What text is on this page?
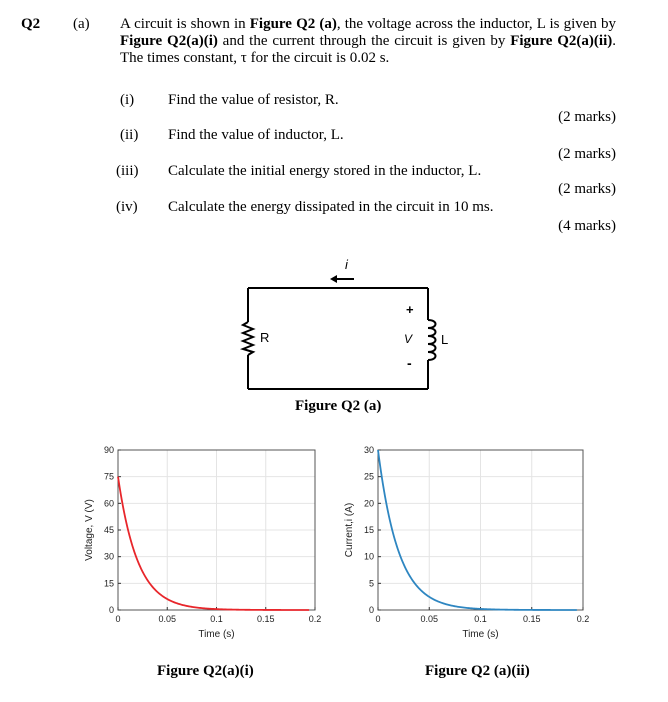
Q2 (a) A circuit is shown in Figure Q2 (a), the voltage across the inductor, L is given by Figure Q2(a)(i) and the current through the circuit is given by Figure Q2(a)(ii). The times constant, τ for the circuit is 0.02 s.
(i) Find the value of resistor, R.
(2 marks)
(ii) Find the value of inductor, L.
(2 marks)
(iii) Calculate the initial energy stored in the inductor, L.
(2 marks)
(iv) Calculate the energy dissipated in the circuit in 10 ms.
(4 marks)
R	L
+
V
-
i
Figure Q2 (a)
0	0.05	0.1	0.15	0.2
0
15
30
45
60
75
90
Time (s)
Voltage, V (V)
0	0.05	0.1	0.15	0.2
0
5
10
15
20
25
30
Time (s)
Current,i (A)
Figure Q2(a)(i)	Figure Q2 (a)(ii)
